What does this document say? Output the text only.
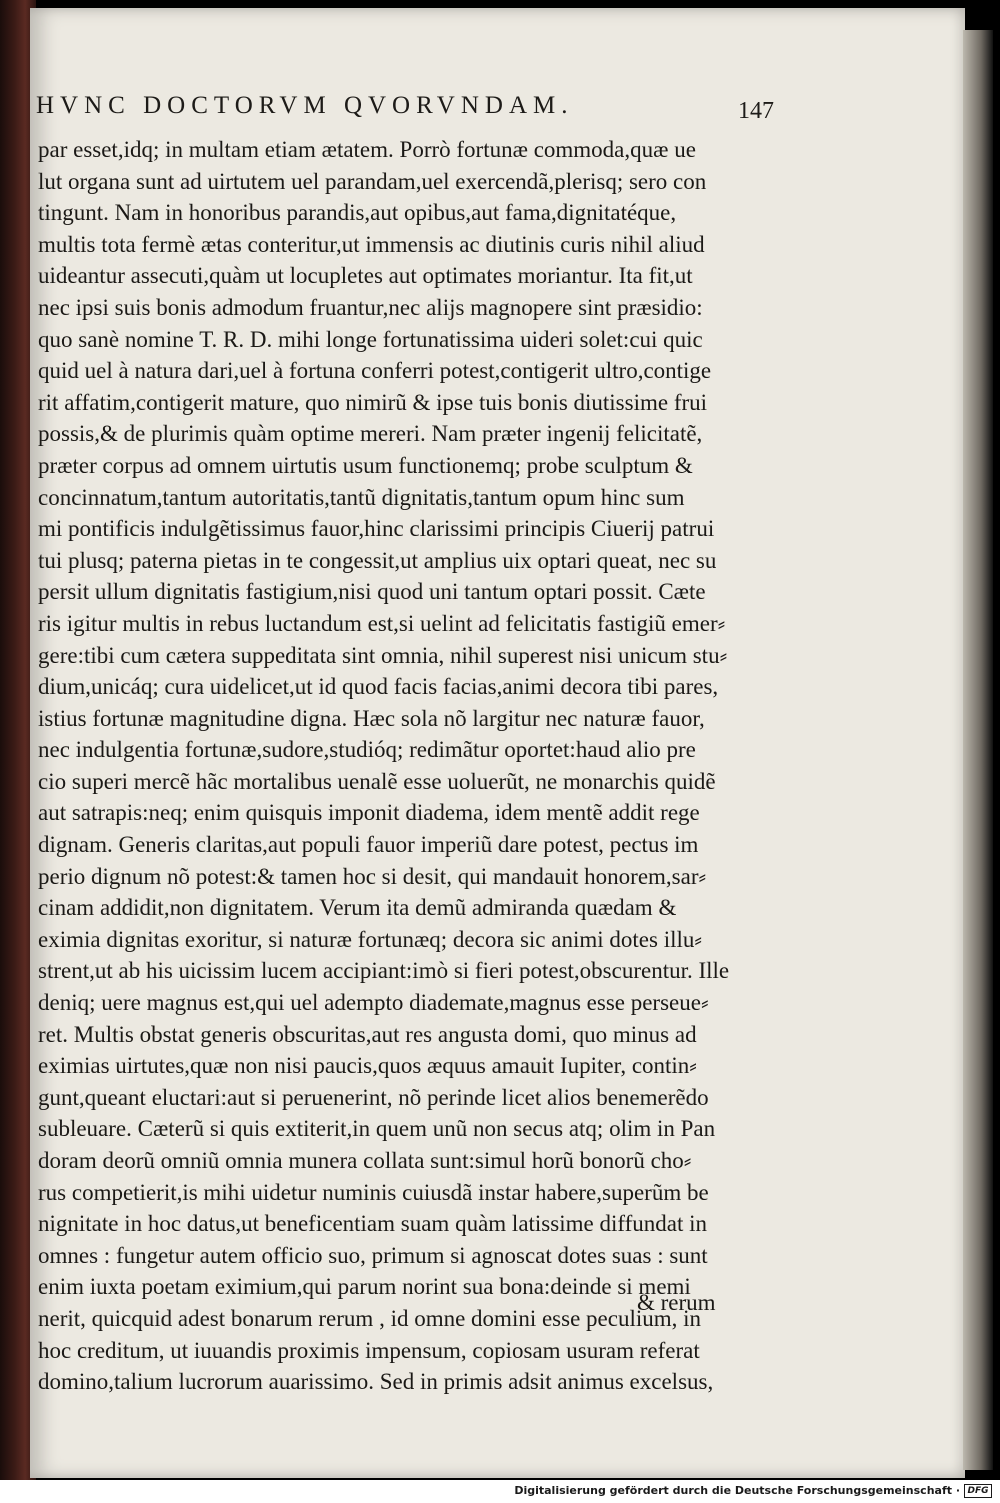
HVNC DOCTORVM QVORVNDAM.	147
par esset,idq; in multam etiam ætatem. Porrò fortunæ commoda,quæ ue
lut organa sunt ad uirtutem uel parandam,uel exercendã,plerisq; sero con
tingunt. Nam in honoribus parandis,aut opibus,aut fama,dignitatéque,
multis tota fermè ætas conteritur,ut immensis ac diutinis curis nihil aliud
uideantur assecuti,quàm ut locupletes aut optimates moriantur. Ita fit,ut
nec ipsi suis bonis admodum fruantur,nec alijs magnopere sint præsidio:
quo sanè nomine T. R. D. mihi longe fortunatissima uideri solet:cui quic
quid uel à natura dari,uel à fortuna conferri potest,contigerit ultro,contige
rit affatim,contigerit mature, quo nimirũ & ipse tuis bonis diutissime frui
possis,& de plurimis quàm optime mereri. Nam præter ingenij felicitatẽ,
præter corpus ad omnem uirtutis usum functionemq; probe sculptum &
concinnatum,tantum autoritatis,tantũ dignitatis,tantum opum hinc sum
mi pontificis indulgẽtissimus fauor,hinc clarissimi principis Ciuerij patrui
tui plusq; paterna pietas in te congessit,ut amplius uix optari queat, nec su
persit ullum dignitatis fastigium,nisi quod uni tantum optari possit. Cæte
ris igitur multis in rebus luctandum est,si uelint ad felicitatis fastigiũ emer⸗
gere:tibi cum cætera suppeditata sint omnia, nihil superest nisi unicum stu⸗
dium,unicáq; cura uidelicet,ut id quod facis facias,animi decora tibi pares,
istius fortunæ magnitudine digna. Hæc sola nõ largitur nec naturæ fauor,
nec indulgentia fortunæ,sudore,studióq; redimãtur oportet:haud alio pre
cio superi mercẽ hãc mortalibus uenalẽ esse uoluerũt, ne monarchis quidẽ
aut satrapis:neq; enim quisquis imponit diadema, idem mentẽ addit rege
dignam. Generis claritas,aut populi fauor imperiũ dare potest, pectus im
perio dignum nõ potest:& tamen hoc si desit, qui mandauit honorem,sar⸗
cinam addidit,non dignitatem. Verum ita demũ admiranda quædam &
eximia dignitas exoritur, si naturæ fortunæq; decora sic animi dotes illu⸗
strent,ut ab his uicissim lucem accipiant:imò si fieri potest,obscurentur. Ille
deniq; uere magnus est,qui uel adempto diademate,magnus esse perseue⸗
ret. Multis obstat generis obscuritas,aut res angusta domi, quo minus ad
eximias uirtutes,quæ non nisi paucis,quos æquus amauit Iupiter, contin⸗
gunt,queant eluctari:aut si peruenerint, nõ perinde licet alios benemerẽdo
subleuare. Cæterũ si quis extiterit,in quem unũ non secus atq; olim in Pan
doram deorũ omniũ omnia munera collata sunt:simul horũ bonorũ cho⸗
rus competierit,is mihi uidetur numinis cuiusdã instar habere,superũm be
nignitate in hoc datus,ut beneficentiam suam quàm latissime diffundat in
omnes : fungetur autem officio suo, primum si agnoscat dotes suas : sunt
enim iuxta poetam eximium,qui parum norint sua bona:deinde si memi
nerit, quicquid adest bonarum rerum , id omne domini esse peculium, in
hoc creditum, ut iuuandis proximis impensum, copiosam usuram referat
domino,talium lucrorum auarissimo. Sed in primis adsit animus excelsus,
& rerum
Digitalisierung gefördert durch die Deutsche Forschungsgemeinschaft · DFG
